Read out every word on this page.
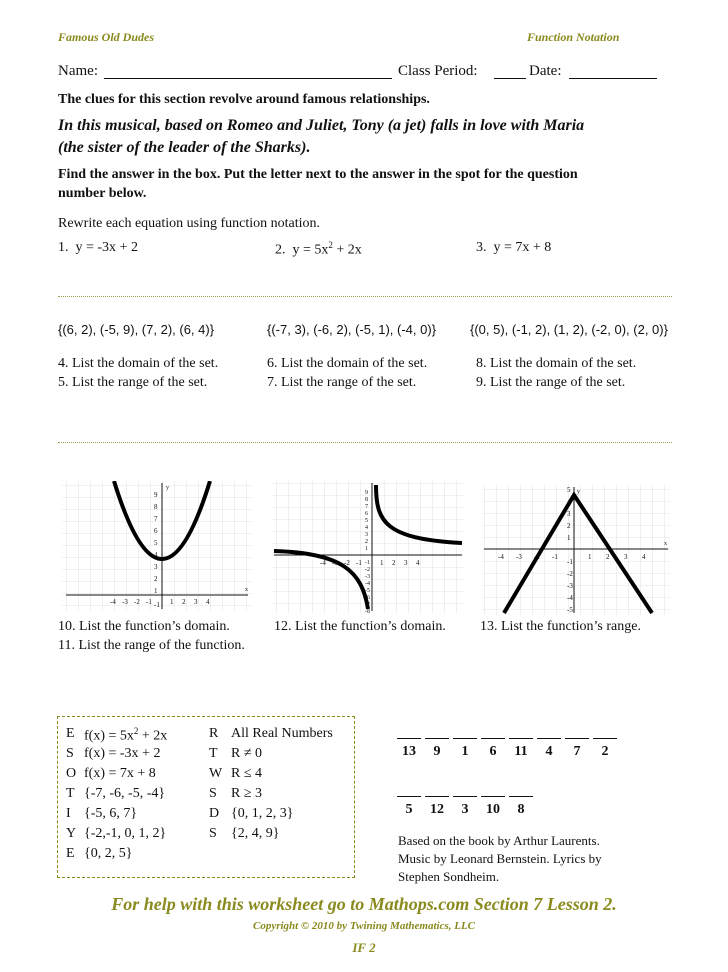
Famous Old Dudes	Function Notation
Name:	Class Period:	Date:
The clues for this section revolve around famous relationships.
In this musical, based on Romeo and Juliet, Tony (a jet) falls in love with Maria
(the sister of the leader of the Sharks).
Find the answer in the box. Put the letter next to the answer in the spot for the question
number below.
Rewrite each equation using function notation.
1. y = -3x + 2	2. $y = 5x^2 + 2x$	3. y = 7x + 8
{(6, 2), (-5, 9), (7, 2), (6, 4)}	{(-7, 3), (-6, 2), (-5, 1), (-4, 0)}	{(0, 5), (-1, 2), (1, 2), (-2, 0), (2, 0)}
4. List the domain of the set.
5. List the range of the set.
6. List the domain of the set.
7. List the range of the set.
8. List the domain of the set.
9. List the range of the set.
9
8
7
6
5
4
3
2
1
-1
-4 -3 -2 -1	1 2 3 4
y
x
9
8
7
6
5
4
3
2
1
-1
-2
-3
-4
-5
-6
-7
-8
-4 -3 -2 -1	1 2 3 4
5
4
3
2
1
-1
-2
-3
-4
-5
-4 -3 -2 -1	1 2 3 4
y
x
10. List the function’s domain.
11. List the range of the function.
12. List the function’s domain. 13. List the function’s range.
E $f(x) = 5x^2 + 2x$
S f(x) = -3x + 2
O f(x) = 7x + 8
T {-7, -6, -5, -4}
I {-5, 6, 7}
Y {-2,-1, 0, 1, 2}
E {0, 2, 5}
R All Real Numbers
T R ≠ 0
W R ≤ 4
S R ≥ 3
D {0, 1, 2, 3}
S {2, 4, 9}
13	9	1	6	11	4	7	2
5	12	3	10	8
Based on the book by Arthur Laurents.
Music by Leonard Bernstein. Lyrics by
Stephen Sondheim.
For help with this worksheet go to Mathops.com Section 7 Lesson 2.
Copyright © 2010 by Twining Mathematics, LLC
IF 2
